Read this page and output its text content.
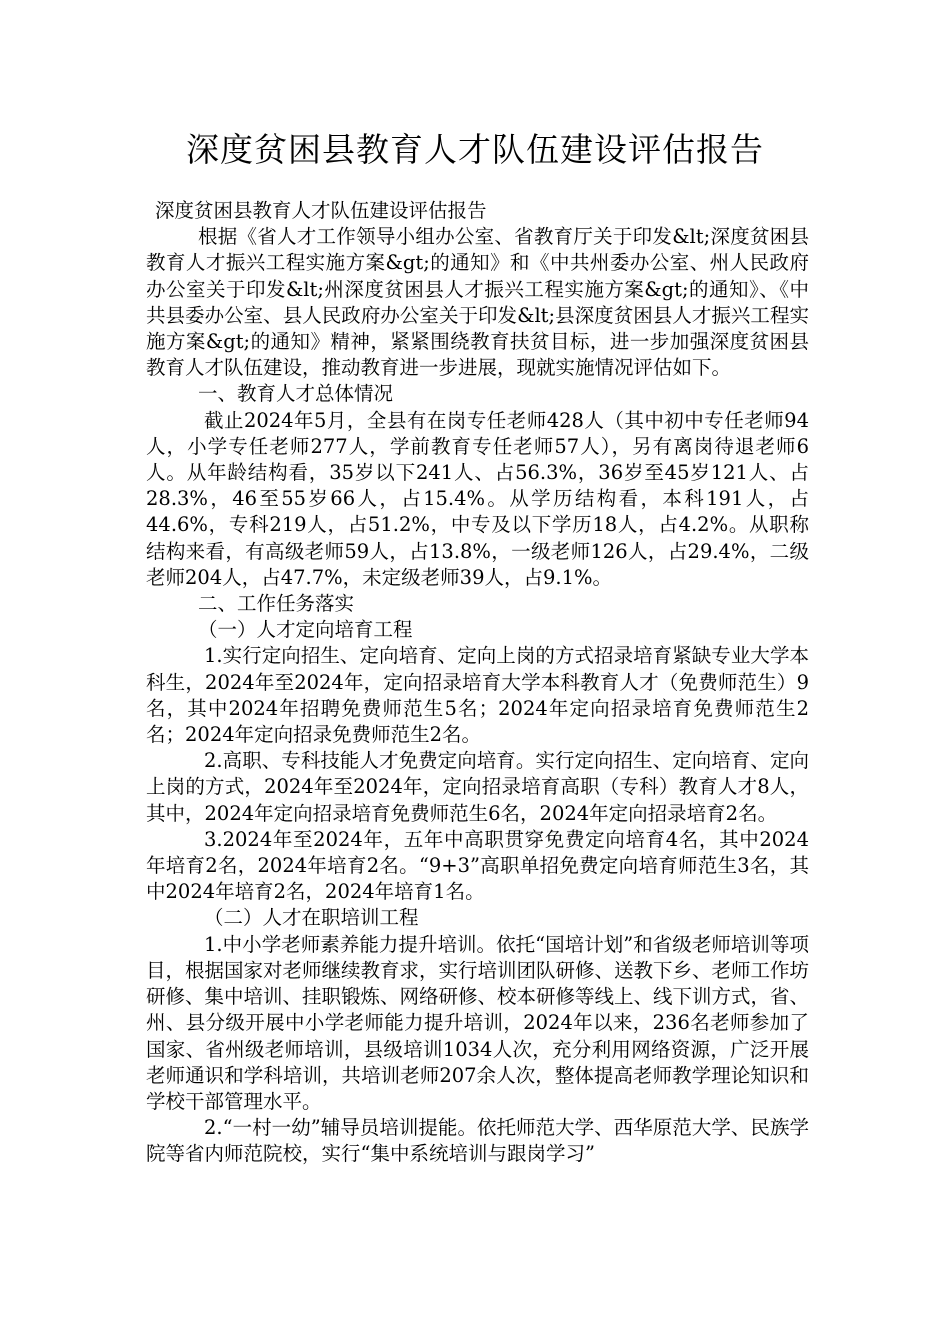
深度贫困县教育人才队伍建设评估报告

深度贫困县教育人才队伍建设评估报告

根据《省人才工作领导小组办公室、省教育厅关于印发&lt;深度贫困县教育人才振兴工程实施方案&gt;的通知》和《中共州委办公室、州人民政府办公室关于印发&lt;州深度贫困县人才振兴工程实施方案&gt;的通知》、《中共县委办公室、县人民政府办公室关于印发&lt;县深度贫困县人才振兴工程实施方案&gt;的通知》精神，紧紧围绕教育扶贫目标，进一步加强深度贫困县教育人才队伍建设，推动教育进一步进展，现就实施情况评估如下。

一、教育人才总体情况

截止2024年5月，全县有在岗专任老师428人（其中初中专任老师94人，小学专任老师277人，学前教育专任老师57人），另有离岗待退老师6人。从年龄结构看，35岁以下241人、占56.3%，36岁至45岁121人、占28.3%，46至55岁66人，占15.4%。从学历结构看，本科191人，占44.6%，专科219人，占51.2%，中专及以下学历18人，占4.2%。从职称结构来看，有高级老师59人，占13.8%，一级老师126人，占29.4%，二级老师204人，占47.7%，未定级老师39人，占9.1%。

二、工作任务落实

（一）人才定向培育工程

1.实行定向招生、定向培育、定向上岗的方式招录培育紧缺专业大学本科生，2024年至2024年，定向招录培育大学本科教育人才（免费师范生）9名，其中2024年招聘免费师范生5名；2024年定向招录培育免费师范生2名；2024年定向招录免费师范生2名。

2.高职、专科技能人才免费定向培育。实行定向招生、定向培育、定向上岗的方式，2024年至2024年，定向招录培育高职（专科）教育人才8人，其中，2024年定向招录培育免费师范生6名，2024年定向招录培育2名。

3.2024年至2024年，五年中高职贯穿免费定向培育4名，其中2024年培育2名，2024年培育2名。“9+3”高职单招免费定向培育师范生3名，其中2024年培育2名，2024年培育1名。

（二）人才在职培训工程

1.中小学老师素养能力提升培训。依托“国培计划”和省级老师培训等项目，根据国家对老师继续教育求，实行培训团队研修、送教下乡、老师工作坊研修、集中培训、挂职锻炼、网络研修、校本研修等线上、线下训方式，省、州、县分级开展中小学老师能力提升培训，2024年以来，236名老师参加了国家、省州级老师培训，县级培训1034人次，充分利用网络资源，广泛开展老师通识和学科培训，共培训老师207余人次，整体提高老师教学理论知识和学校干部管理水平。

2.“一村一幼”辅导员培训提能。依托师范大学、西华原范大学、民族学院等省内师范院校，实行“集中系统培训与跟岗学习”
